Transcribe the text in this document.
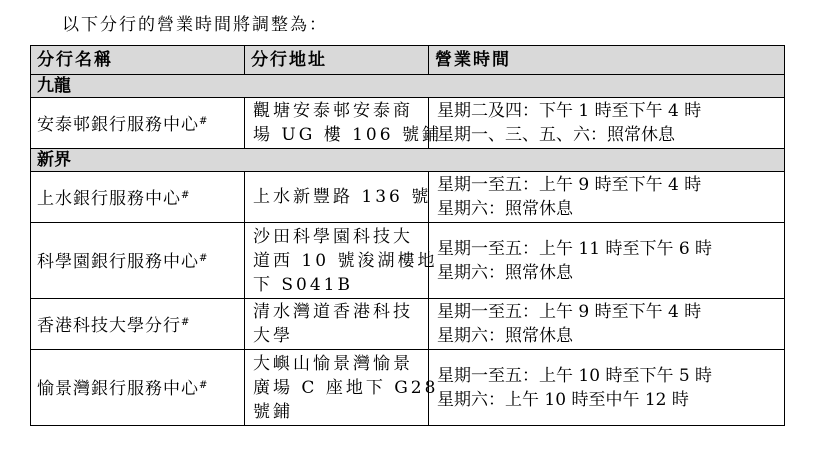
以下分行的營業時間將調整為：
分行名稱	分行地址	營業時間
九龍		
安泰邨銀行服務中心#	觀塘安泰邨安泰商
場 UG 樓 106 號鋪	星期二及四：下午 1 時至下午 4 時
星期一、三、五、六：照常休息

新界		
上水銀行服務中心#	上水新豐路 136 號	星期一至五：上午 9 時至下午 4 時
星期六：照常休息

科學園銀行服務中心#	沙田科學園科技大
道西 10 號浚湖樓地
下 S041B	星期一至五：上午 11 時至下午 6 時
星期六：照常休息

香港科技大學分行#	清水灣道香港科技
大學	星期一至五：上午 9 時至下午 4 時
星期六：照常休息

愉景灣銀行服務中心#	大嶼山愉景灣愉景
廣場 C 座地下 G28
號鋪	星期一至五：上午 10 時至下午 5 時
星期六：上午 10 時至中午 12 時
